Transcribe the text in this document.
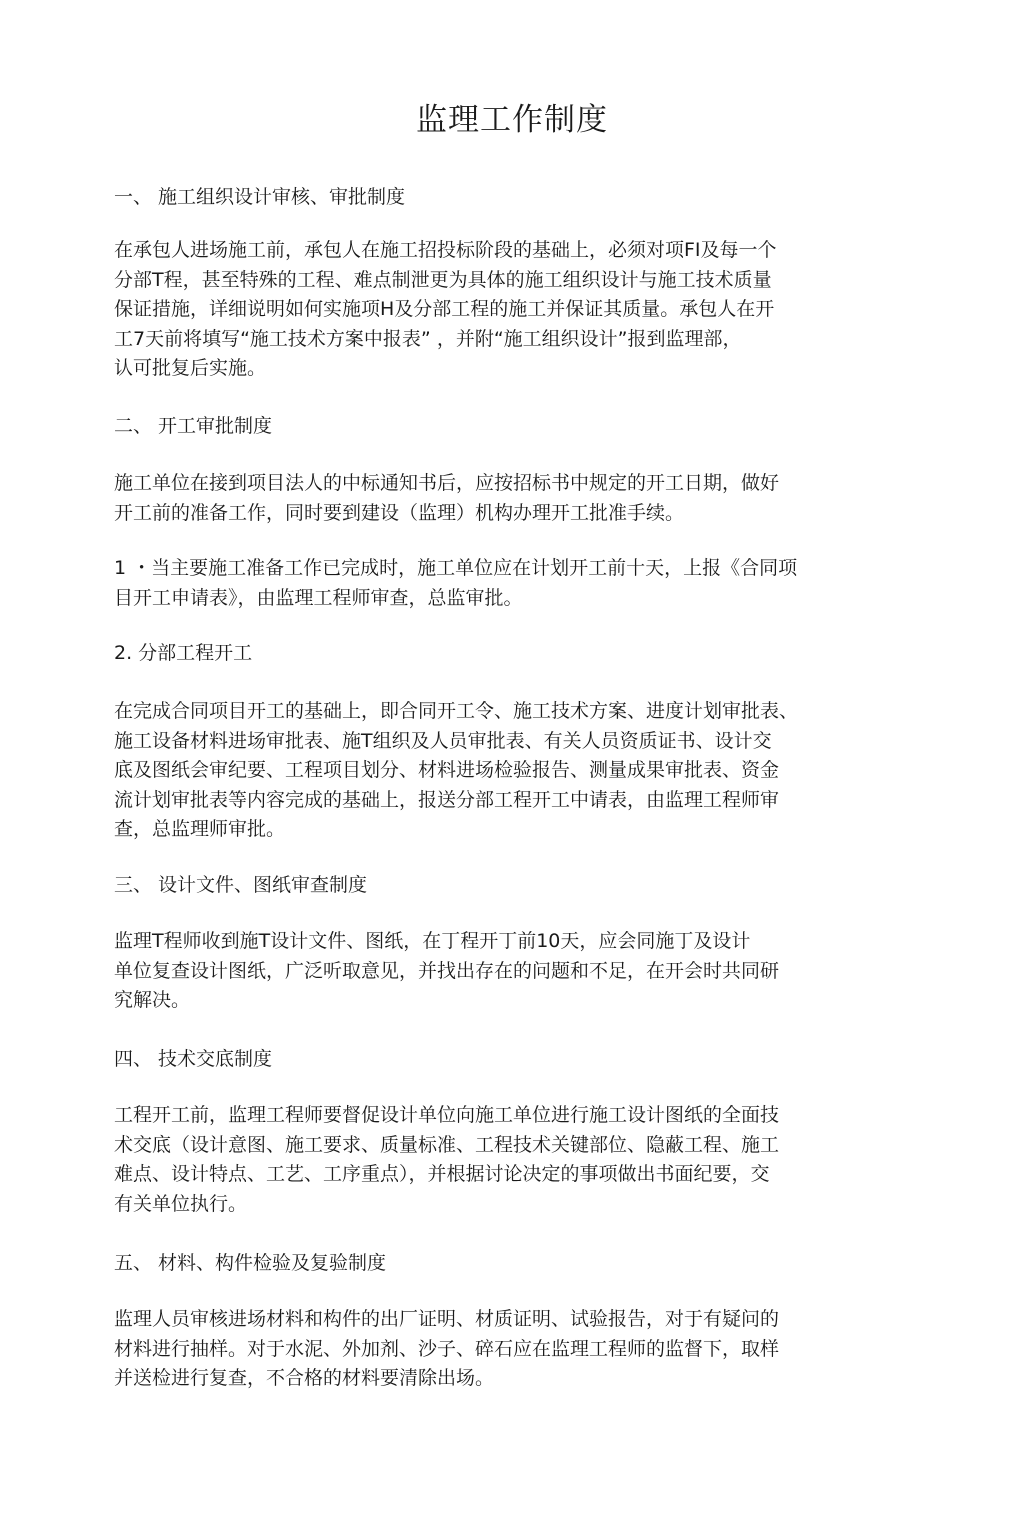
监理工作制度
一、 施工组织设计审核、审批制度

在承包人进场施工前，承包人在施工招投标阶段的基础上，必须对项FI及每一个

分部T程，甚至特殊的工程、难点制泄更为具体的施工组织设计与施工技术质量

保证措施，详细说明如何实施项H及分部工程的施工并保证其质量。承包人在开

工7天前将填写“施工技术方案中报表” ，并附“施工组织设计”报到监理部，

认可批复后实施。

二、 开工审批制度

施工单位在接到项目法人的中标通知书后，应按招标书中规定的开工日期，做好

开工前的准备工作，同时要到建设（监理）机构办理开工批准手续。

1 ・当主要施工准备工作已完成时，施工单位应在计划开工前十天，上报《合同项

目开工申请表》，由监理工程师审查，总监审批。

2. 分部工程开工

在完成合同项目开工的基础上，即合同开工令、施工技术方案、进度计划审批表、

施工设备材料进场审批表、施T组织及人员审批表、有关人员资质证书、设计交

底及图纸会审纪要、工程项目划分、材料进场检验报告、测量成果审批表、资金

流计划审批表等内容完成的基础上，报送分部工程开工中请表，由监理工程师审

查，总监理师审批。

三、 设计文件、图纸审查制度

监理T程师收到施T设计文件、图纸，在丁程开丁前10天，应会同施丁及设计

单位复查设计图纸，广泛听取意见，并找出存在的问题和不足，在开会时共同研

究解决。

四、 技术交底制度

工程开工前，监理工程师要督促设计单位向施工单位进行施工设计图纸的全面技

术交底（设计意图、施工要求、质量标准、工程技术关键部位、隐蔽工程、施工

难点、设计特点、工艺、工序重点），并根据讨论决定的事项做出书面纪要，交

有关单位执行。

五、 材料、构件检验及复验制度

监理人员审核进场材料和构件的出厂证明、材质证明、试验报告，对于有疑问的

材料进行抽样。对于水泥、外加剂、沙子、碎石应在监理工程师的监督下，取样

并送检进行复查，不合格的材料要清除出场。
